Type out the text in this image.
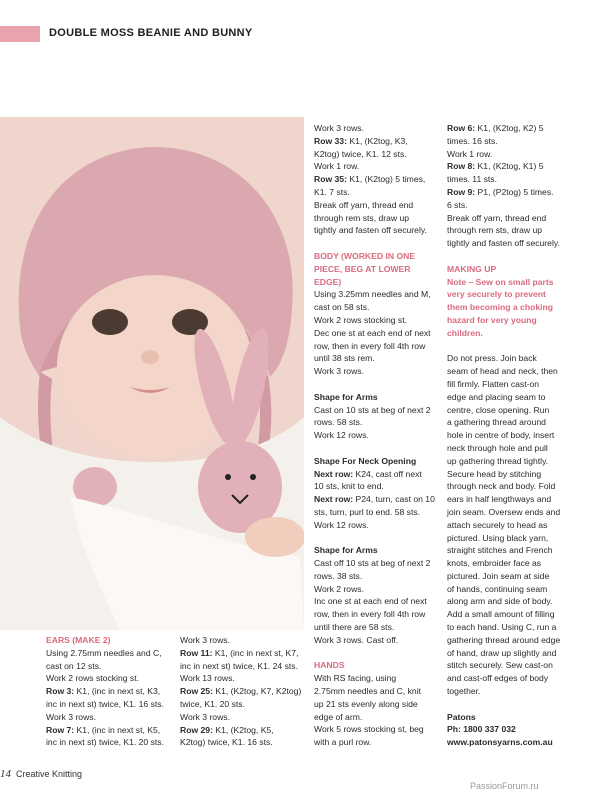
DOUBLE MOSS BEANIE AND BUNNY

EARS (MAKE 2)

Using 2.75mm needles and C,

cast on 12 sts.

Work 2 rows stocking st.

Row 3: K1, (inc in next st, K3,

inc in next st) twice, K1. 16 sts.

Work 3 rows.

Row 7: K1, (inc in next st, K5,

inc in next st) twice, K1. 20 sts.

Work 3 rows.

Row 11: K1, (inc in next st, K7,

inc in next st) twice, K1. 24 sts.

Work 13 rows.

Row 25: K1, (K2tog, K7, K2tog)

twice, K1. 20 sts.

Work 3 rows.

Row 29: K1, (K2tog, K5,

K2tog) twice, K1. 16 sts.

Work 3 rows.

Row 33: K1, (K2tog, K3,

K2tog) twice, K1. 12 sts.

Work 1 row.

Row 35: K1, (K2tog) 5 times,

K1. 7 sts.

Break off yarn, thread end

through rem sts, draw up

tightly and fasten off securely.

BODY (WORKED IN ONE

PIECE, BEG AT LOWER

EDGE)

Using 3.25mm needles and M,

cast on 58 sts.

Work 2 rows stocking st.

Dec one st at each end of next

row, then in every foll 4th row

until 38 sts rem.

Work 3 rows.

Shape for Arms

Cast on 10 sts at beg of next 2

rows. 58 sts.

Work 12 rows.

Shape For Neck Opening

Next row: K24, cast off next

10 sts, knit to end.

Next row: P24, turn, cast on 10

sts, turn, purl to end. 58 sts.

Work 12 rows.

Shape for Arms

Cast off 10 sts at beg of next 2

rows. 38 sts.

Work 2 rows.

Inc one st at each end of next

row, then in every foll 4th row

until there are 58 sts.

Work 3 rows. Cast off.

HANDS

With RS facing, using

2.75mm needles and C, knit

up 21 sts evenly along side

edge of arm.

Work 5 rows stocking st, beg

with a purl row.

Row 6: K1, (K2tog, K2) 5

times. 16 sts.

Work 1 row.

Row 8: K1, (K2tog, K1) 5

times. 11 sts.

Row 9: P1, (P2tog) 5 times.

6 sts.

Break off yarn, thread end

through rem sts, draw up

tightly and fasten off securely.

MAKING UP

Note – Sew on small parts

very securely to prevent

them becoming a choking

hazard for very young

children.

Do not press. Join back

seam of head and neck, then

fill firmly. Flatten cast-on

edge and placing seam to

centre, close opening. Run

a gathering thread around

hole in centre of body, insert

neck through hole and pull

up gathering thread tightly.

Secure head by stitching

through neck and body. Fold

ears in half lengthways and

join seam. Oversew ends and

attach securely to head as

pictured. Using black yarn,

straight stitches and French

knots, embroider face as

pictured. Join seam at side

of hands, continuing seam

along arm and side of body.

Add a small amount of filling

to each hand. Using C, run a

gathering thread around edge

of hand, draw up slightly and

stitch securely. Sew cast-on

and cast-off edges of body

together.

Patons

Ph: 1800 337 032

www.patonsyarns.com.au

14 Creative Knitting
PassionForum.ru
